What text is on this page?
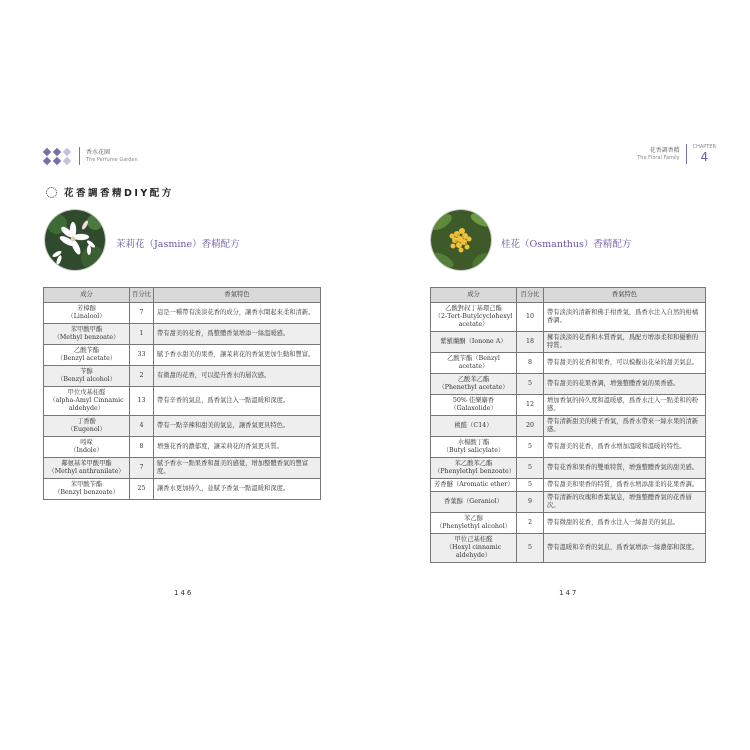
香水花園
The Perfume Garden
花香調香精DIY配方
茉莉花（Jasmine）香精配方
成分	百分比	香氣特色

芳樟醇
（Linalool）	7	這是一種帶有淡淡花香的成分，讓香水聞起來柔和清新。

苯甲酸甲酯
（Methyl benzoate）	1	帶有甜美的花香，爲整體香氣增添一絲溫暖感。

乙酸苄酯
（Benzyl acetate）	33	賦予香水甜美的果香，讓茉莉花的香氣更加生動和豐富。

苄醇
（Benzyl alcohol）	2	有微甜的花香，可以提升香水的層次感。

甲位戊基桂醛
（alpha-Amyl Cinnamic aldehyde）	13	帶有辛香的氣息，爲香氣注入一點溫暖和深度。

丁香酚
（Eugenol）	4	帶有一點辛辣和甜美的氣息，讓香氣更具特色。

吲哚
（Indole）	8	增強花香的濃郁度，讓茉莉花的香氣更具質。

鄰氨基苯甲酸甲酯
（Methyl anthranilate）	7	賦予香水一點果香和甜美的感覺，增加整體香氣的豐富度。

苯甲酸苄酯
（Benzyl benzoate）	25	讓香水更加持久，並賦予香氣一點溫暖和深度。
146
花香調香精
The Floral Family
CHAPTER
4
桂花（Osmanthus）香精配方
成分	百分比	香氣特色

乙酸對叔丁基環己酯
（2-Tert-Butylcyclohexyl acetate）	10	帶有淡淡的清新和佛手柑香氣，爲香水注入自然的柑橘香調。

紫羅蘭酮（Ionone A）	18	擁有淡淡的花香和木質香氣，爲配方增添柔和和優雅的特質。

乙酸苄酯（Benzyl acetate）	8	帶有甜美的花香和果香，可以模擬出花朵的甜美氣息。

乙酸苯乙酯
（Phenethyl acetate）	5	帶有甜美的花果香調，增強整體香氣的果香感。

50% 佳樂麝香
（Galaxolide）	12	增加香氣的持久度和溫暖感，爲香水注入一點柔和的粉感。

桃醛（C14）	20	帶有清新甜美的桃子香氣，爲香水帶來一絲水果的清新感。

水楊酸丁酯
（Butyl salicylate）	5	帶有甜美的花香，爲香水增加溫暖和溫暖的特性。

苯乙酸苯乙酯
（Phenylethyl benzoate）	5	帶有花香和果香的雙重特質，增強整體香氣的甜美感。

芳香醚（Aromatic ether）	5	帶有甜美和果香的特質，爲香水增添甜柔的花果香調。

香葉醇（Geraniol）	9	帶有清新的玫瑰和香葉氣息，增強整體香氣的花香層次。

苯乙醇
（Phenylethyl alcohol）	2	帶有微甜的花香，爲香水注入一絲甜美的氣息。

甲位己基桂醛
（Hexyl cinnamic aldehyde）	5	帶有溫暖和辛香的氣息，爲香氣增添一絲濃郁和深度。
147
